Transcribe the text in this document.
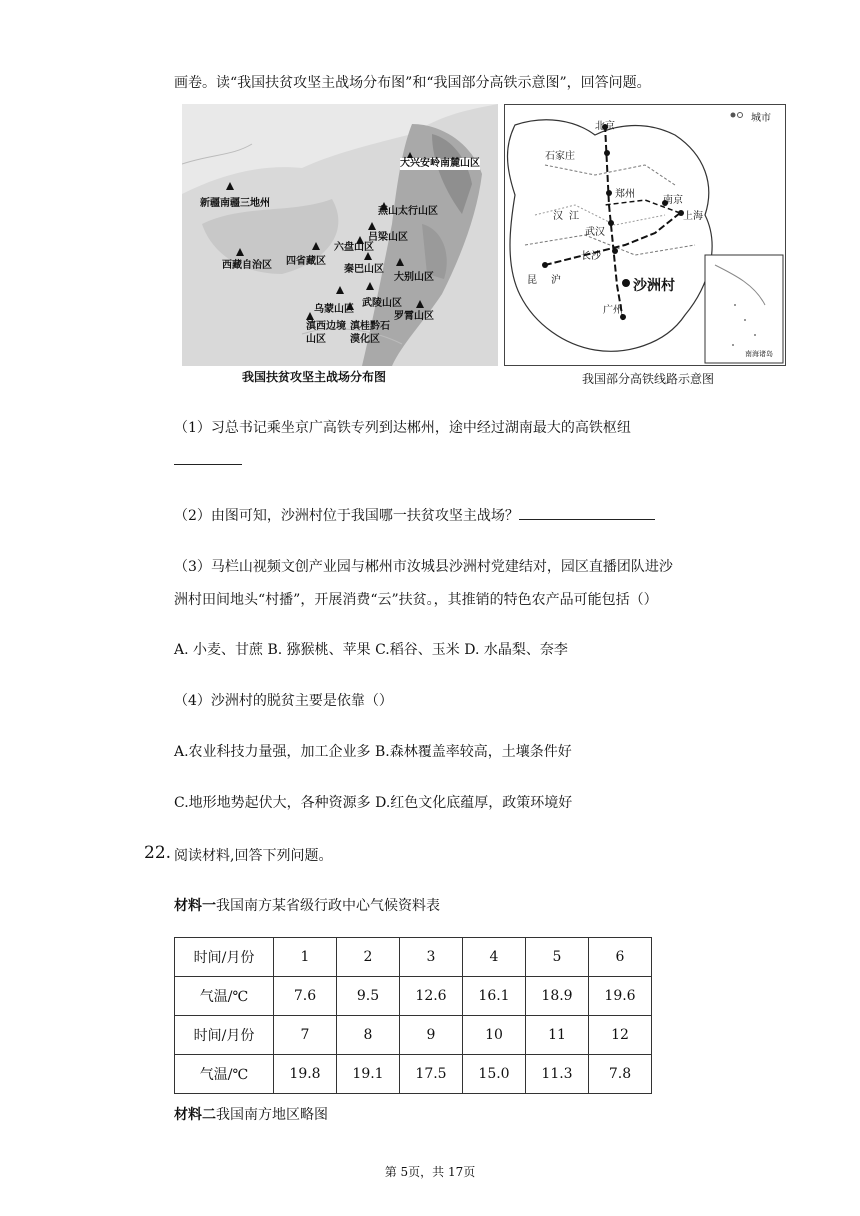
画卷。读“我国扶贫攻坚主战场分布图”和“我国部分高铁示意图”，回答问题。
大兴安岭南麓山区
新疆南疆三地州
燕山太行山区
吕梁山区
六盘山区
四省藏区
西藏自治区	秦巴山区
大别山区
乌蒙山区
武陵山区
罗霄山区
滇西边境山区
滇桂黔石漠化区
我国扶贫攻坚主战场分布图
城市
北京
石家庄
郑州
南京
上海
汉 江
武汉
长沙
沪
昆
广州
沙洲村
南海诸岛
我国部分高铁线路示意图
（1）习总书记乘坐京广高铁专列到达郴州，途中经过湖南最大的高铁枢纽
（2）由图可知，沙洲村位于我国哪一扶贫攻坚主战场？
（3）马栏山视频文创产业园与郴州市汝城县沙洲村党建结对，园区直播团队进沙
洲村田间地头“村播”，开展消费“云”扶贫。，其推销的特色农产品可能包括（）
A. 小麦、甘蔗 B. 猕猴桃、苹果 C.稻谷、玉米 D. 水晶梨、奈李
（4）沙洲村的脱贫主要是依靠（）
A.农业科技力量强，加工企业多 B.森林覆盖率较高，土壤条件好
C.地形地势起伏大，各种资源多 D.红色文化底蕴厚，政策环境好
22. 阅读材料,回答下列问题。
材料一我国南方某省级行政中心气候资料表
时间/月份	1	2	3	4	5	6
气温/℃	7.6	9.5	12.6	16.1	18.9	19.6
时间/月份	7	8	9	10	11	12
气温/℃	19.8	19.1	17.5	15.0	11.3	7.8
材料二我国南方地区略图
第 5页，共 17页
